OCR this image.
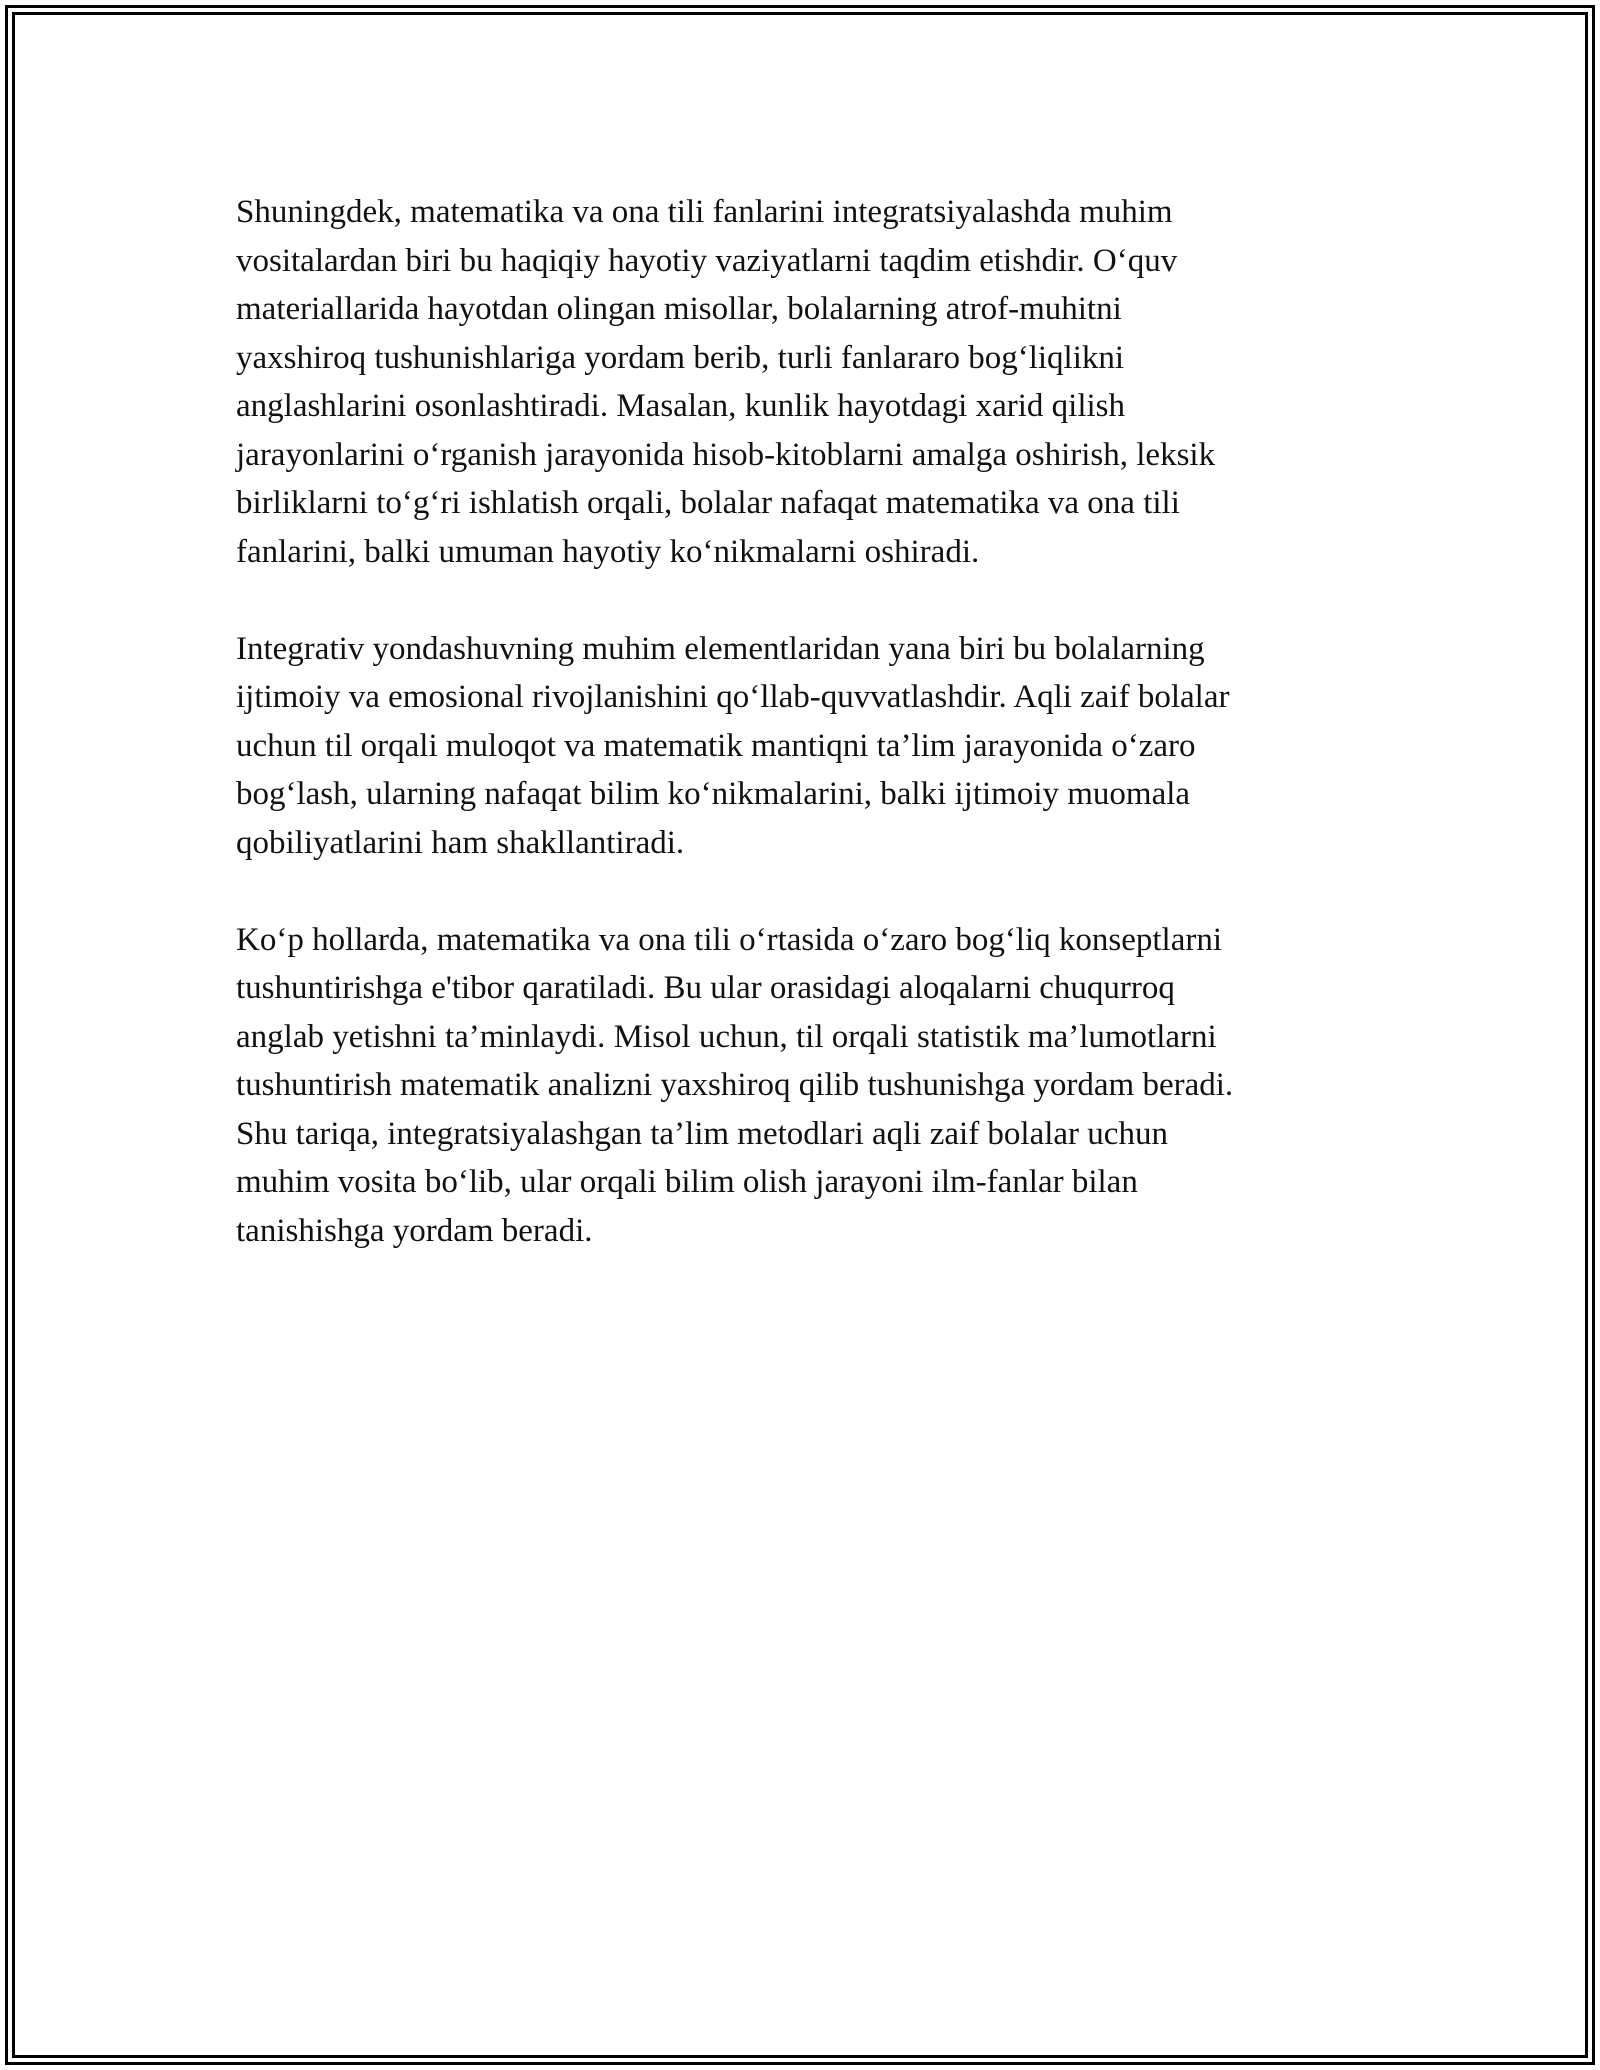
Shuningdek, matematika va ona tili fanlarini integratsiyalashda muhim
vositalardan biri bu haqiqiy hayotiy vaziyatlarni taqdim etishdir. O‘quv
materiallarida hayotdan olingan misollar, bolalarning atrof-muhitni
yaxshiroq tushunishlariga yordam berib, turli fanlararo bog‘liqlikni
anglashlarini osonlashtiradi. Masalan, kunlik hayotdagi xarid qilish
jarayonlarini o‘rganish jarayonida hisob-kitoblarni amalga oshirish, leksik
birliklarni to‘g‘ri ishlatish orqali, bolalar nafaqat matematika va ona tili
fanlarini, balki umuman hayotiy ko‘nikmalarni oshiradi.

Integrativ yondashuvning muhim elementlaridan yana biri bu bolalarning
ijtimoiy va emosional rivojlanishini qo‘llab-quvvatlashdir. Aqli zaif bolalar
uchun til orqali muloqot va matematik mantiqni ta’lim jarayonida o‘zaro
bog‘lash, ularning nafaqat bilim ko‘nikmalarini, balki ijtimoiy muomala
qobiliyatlarini ham shakllantiradi.

Ko‘p hollarda, matematika va ona tili o‘rtasida o‘zaro bog‘liq konseptlarni
tushuntirishga e'tibor qaratiladi. Bu ular orasidagi aloqalarni chuqurroq
anglab yetishni ta’minlaydi. Misol uchun, til orqali statistik ma’lumotlarni
tushuntirish matematik analizni yaxshiroq qilib tushunishga yordam beradi.
Shu tariqa, integratsiyalashgan ta’lim metodlari aqli zaif bolalar uchun
muhim vosita bo‘lib, ular orqali bilim olish jarayoni ilm-fanlar bilan
tanishishga yordam beradi.
